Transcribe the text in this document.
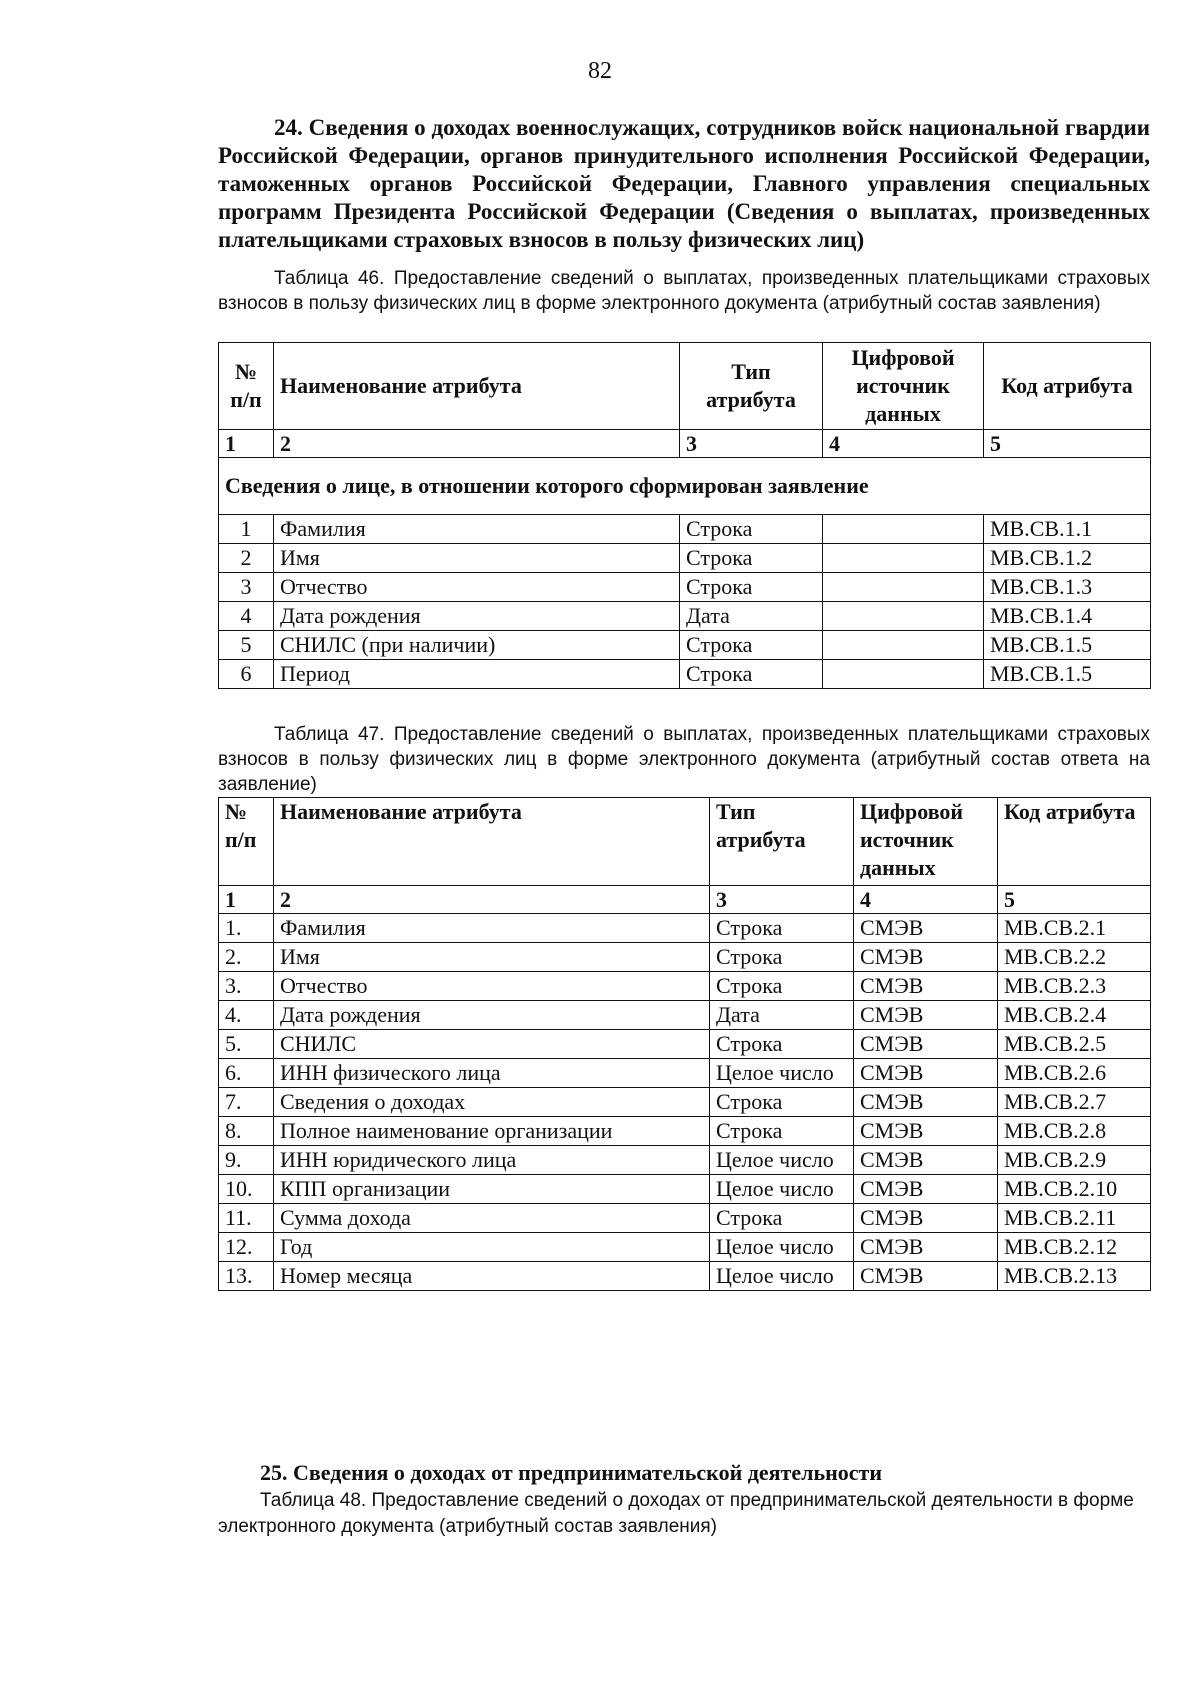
82
24. Сведения о доходах военнослужащих, сотрудников войск национальной гвардии Российской Федерации, органов принудительного исполнения Российской Федерации, таможенных органов Российской Федерации, Главного управления специальных программ Президента Российской Федерации (Сведения о выплатах, произведенных плательщиками страховых взносов в пользу физических лиц)
Таблица 46. Предоставление сведений о выплатах, произведенных плательщиками страховых взносов в пользу физических лиц в форме электронного документа (атрибутный состав заявления)
№ п/п	Наименование атрибута	Тип атрибута	Цифровой источник данных	Код атрибута
1	2	3	4	5
Сведения о лице, в отношении которого сформирован заявление				
1	Фамилия	Строка		MB.CB.1.1
2	Имя	Строка		MB.CB.1.2
3	Отчество	Строка		MB.CB.1.3
4	Дата рождения	Дата		MB.CB.1.4
5	СНИЛС (при наличии)	Строка		MB.CB.1.5
6	Период	Строка		MB.CB.1.5
Таблица 47. Предоставление сведений о выплатах, произведенных плательщиками страховых взносов в пользу физических лиц в форме электронного документа (атрибутный состав ответа на заявление)
№ п/п	Наименование атрибута	Тип атрибута	Цифровой источник данных	Код атрибута
1	2	3	4	5
1.	Фамилия	Строка	СМЭВ	MB.CB.2.1
2.	Имя	Строка	СМЭВ	MB.CB.2.2
3.	Отчество	Строка	СМЭВ	MB.CB.2.3
4.	Дата рождения	Дата	СМЭВ	MB.CB.2.4
5.	СНИЛС	Строка	СМЭВ	MB.CB.2.5
6.	ИНН физического лица	Целое число	СМЭВ	MB.CB.2.6
7.	Сведения о доходах	Строка	СМЭВ	MB.CB.2.7
8.	Полное наименование организации	Строка	СМЭВ	MB.CB.2.8
9.	ИНН юридического лица	Целое число	СМЭВ	MB.CB.2.9
10.	КПП организации	Целое число	СМЭВ	MB.CB.2.10
11.	Сумма дохода	Строка	СМЭВ	MB.CB.2.11
12.	Год	Целое число	СМЭВ	MB.CB.2.12
13.	Номер месяца	Целое число	СМЭВ	MB.CB.2.13
25. Сведения о доходах от предпринимательской деятельности
Таблица 48. Предоставление сведений о доходах от предпринимательской деятельности в форме электронного документа (атрибутный состав заявления)
